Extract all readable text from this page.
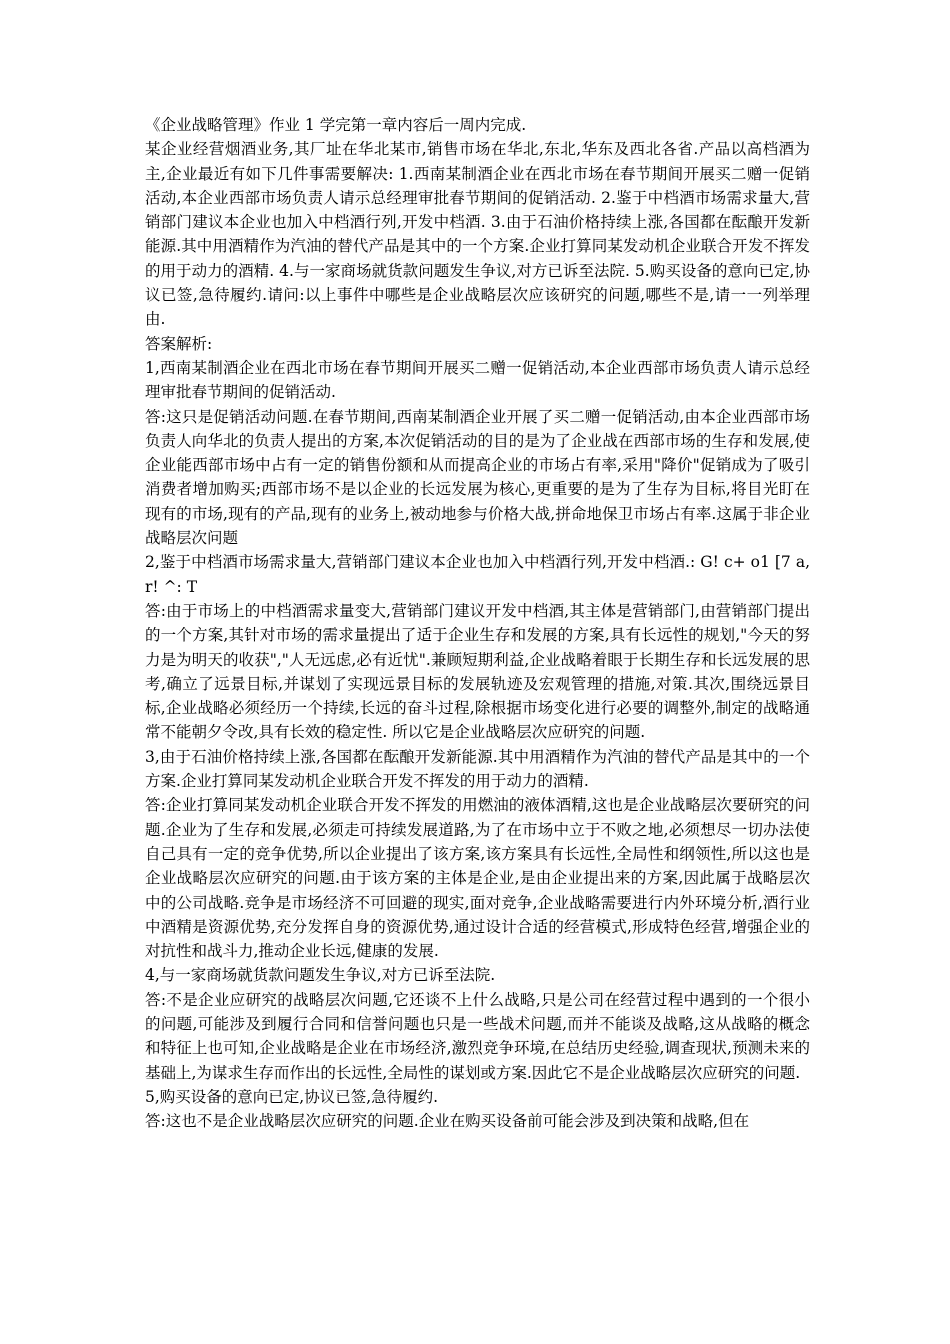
《企业战略管理》作业 1 学完第一章内容后一周内完成.

某企业经营烟酒业务,其厂址在华北某市,销售市场在华北,东北,华东及西北各省.产品以高档酒为主,企业最近有如下几件事需要解决: 1.西南某制酒企业在西北市场在春节期间开展买二赠一促销活动,本企业西部市场负责人请示总经理审批春节期间的促销活动. 2.鉴于中档酒市场需求量大,营销部门建议本企业也加入中档酒行列,开发中档酒. 3.由于石油价格持续上涨,各国都在酝酿开发新能源.其中用酒精作为汽油的替代产品是其中的一个方案.企业打算同某发动机企业联合开发不挥发的用于动力的酒精. 4.与一家商场就货款问题发生争议,对方已诉至法院. 5.购买设备的意向已定,协议已签,急待履约.请问:以上事件中哪些是企业战略层次应该研究的问题,哪些不是,请一一列举理由.

答案解析:

1,西南某制酒企业在西北市场在春节期间开展买二赠一促销活动,本企业西部市场负责人请示总经理审批春节期间的促销活动.

答:这只是促销活动问题.在春节期间,西南某制酒企业开展了买二赠一促销活动,由本企业西部市场负责人向华北的负责人提出的方案,本次促销活动的目的是为了企业战在西部市场的生存和发展,使企业能西部市场中占有一定的销售份额和从而提高企业的市场占有率,采用"降价"促销成为了吸引消费者增加购买;西部市场不是以企业的长远发展为核心,更重要的是为了生存为目标,将目光盯在现有的市场,现有的产品,现有的业务上,被动地参与价格大战,拼命地保卫市场占有率.这属于非企业战略层次问题

2,鉴于中档酒市场需求量大,营销部门建议本企业也加入中档酒行列,开发中档酒.: G! c+ o1 [7 a, r! ^: T

答:由于市场上的中档酒需求量变大,营销部门建议开发中档酒,其主体是营销部门,由营销部门提出的一个方案,其针对市场的需求量提出了适于企业生存和发展的方案,具有长远性的规划,"今天的努力是为明天的收获","人无远虑,必有近忧".兼顾短期利益,企业战略着眼于长期生存和长远发展的思考,确立了远景目标,并谋划了实现远景目标的发展轨迹及宏观管理的措施,对策.其次,围绕远景目标,企业战略必须经历一个持续,长远的奋斗过程,除根据市场变化进行必要的调整外,制定的战略通常不能朝夕令改,具有长效的稳定性. 所以它是企业战略层次应研究的问题.

3,由于石油价格持续上涨,各国都在酝酿开发新能源.其中用酒精作为汽油的替代产品是其中的一个方案.企业打算同某发动机企业联合开发不挥发的用于动力的酒精.

答:企业打算同某发动机企业联合开发不挥发的用燃油的液体酒精,这也是企业战略层次要研究的问题.企业为了生存和发展,必须走可持续发展道路,为了在市场中立于不败之地,必须想尽一切办法使自己具有一定的竞争优势,所以企业提出了该方案,该方案具有长远性,全局性和纲领性,所以这也是企业战略层次应研究的问题.由于该方案的主体是企业,是由企业提出来的方案,因此属于战略层次中的公司战略.竞争是市场经济不可回避的现实,面对竞争,企业战略需要进行内外环境分析,酒行业中酒精是资源优势,充分发挥自身的资源优势,通过设计合适的经营模式,形成特色经营,增强企业的对抗性和战斗力,推动企业长远,健康的发展.

4,与一家商场就货款问题发生争议,对方已诉至法院.

答:不是企业应研究的战略层次问题,它还谈不上什么战略,只是公司在经营过程中遇到的一个很小的问题,可能涉及到履行合同和信誉问题也只是一些战术问题,而并不能谈及战略,这从战略的概念和特征上也可知,企业战略是企业在市场经济,激烈竞争环境,在总结历史经验,调查现状,预测未来的基础上,为谋求生存而作出的长远性,全局性的谋划或方案.因此它不是企业战略层次应研究的问题.

5,购买设备的意向已定,协议已签,急待履约.

答:这也不是企业战略层次应研究的问题.企业在购买设备前可能会涉及到决策和战略,但在
